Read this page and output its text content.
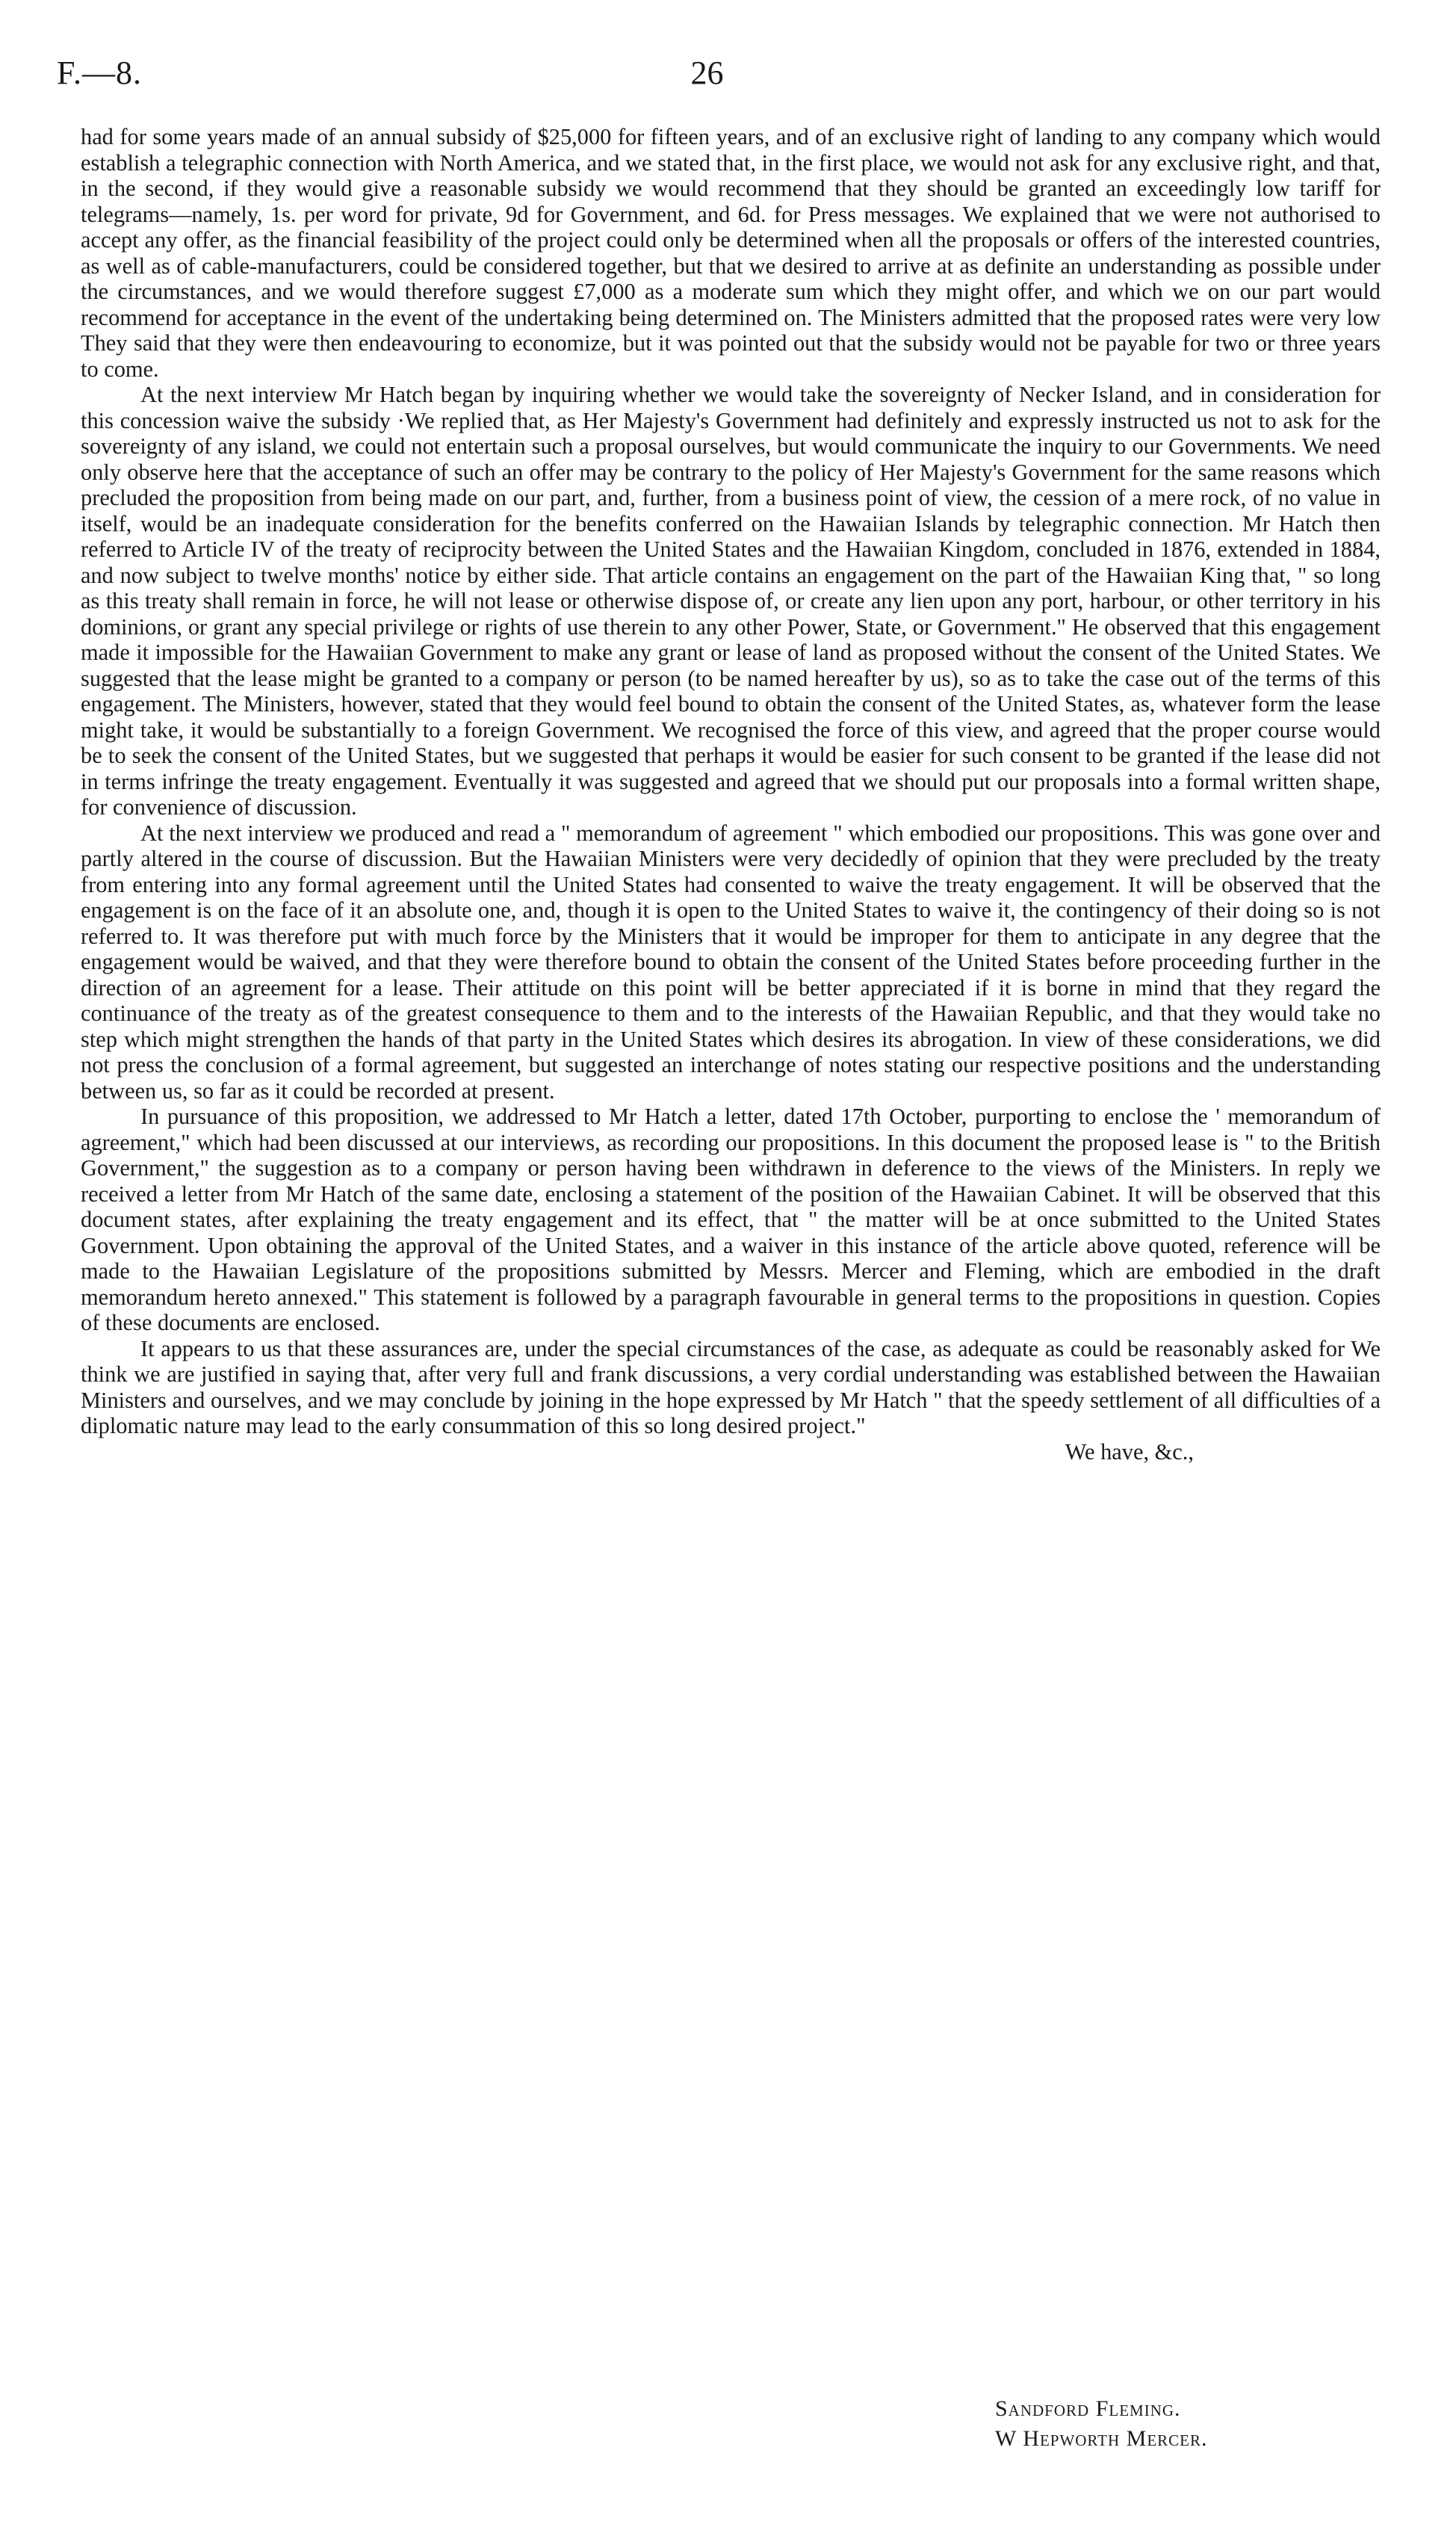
F.—8.	26

had for some years made of an annual subsidy of $25,000 for fifteen years, and of an exclusive right of landing to any company which would establish a telegraphic connection with North America, and we stated that, in the first place, we would not ask for any exclusive right, and that, in the second, if they would give a reasonable subsidy we would recommend that they should be granted an exceedingly low tariff for telegrams—namely, 1s. per word for private, 9d for Government, and 6d. for Press messages. We explained that we were not authorised to accept any offer, as the financial feasibility of the project could only be determined when all the proposals or offers of the interested countries, as well as of cable-manufacturers, could be considered together, but that we desired to arrive at as definite an understanding as possible under the circumstances, and we would therefore suggest £7,000 as a moderate sum which they might offer, and which we on our part would recommend for acceptance in the event of the undertaking being determined on. The Ministers admitted that the proposed rates were very low They said that they were then endeavouring to economize, but it was pointed out that the subsidy would not be payable for two or three years to come.

At the next interview Mr Hatch began by inquiring whether we would take the sovereignty of Necker Island, and in consideration for this concession waive the subsidy ·We replied that, as Her Majesty's Government had definitely and expressly instructed us not to ask for the sovereignty of any island, we could not entertain such a proposal ourselves, but would communicate the inquiry to our Governments. We need only observe here that the acceptance of such an offer may be contrary to the policy of Her Majesty's Government for the same reasons which precluded the proposition from being made on our part, and, further, from a business point of view, the cession of a mere rock, of no value in itself, would be an inadequate consideration for the benefits conferred on the Hawaiian Islands by telegraphic connection. Mr Hatch then referred to Article IV of the treaty of reciprocity between the United States and the Hawaiian Kingdom, concluded in 1876, extended in 1884, and now subject to twelve months' notice by either side. That article contains an engagement on the part of the Hawaiian King that, " so long as this treaty shall remain in force, he will not lease or otherwise dispose of, or create any lien upon any port, harbour, or other territory in his dominions, or grant any special privilege or rights of use therein to any other Power, State, or Government." He observed that this engagement made it impossible for the Hawaiian Government to make any grant or lease of land as proposed without the consent of the United States. We suggested that the lease might be granted to a company or person (to be named hereafter by us), so as to take the case out of the terms of this engagement. The Ministers, however, stated that they would feel bound to obtain the consent of the United States, as, whatever form the lease might take, it would be substantially to a foreign Government. We recognised the force of this view, and agreed that the proper course would be to seek the consent of the United States, but we suggested that perhaps it would be easier for such consent to be granted if the lease did not in terms infringe the treaty engagement. Eventually it was suggested and agreed that we should put our proposals into a formal written shape, for convenience of discussion.

At the next interview we produced and read a " memorandum of agreement " which embodied our propositions. This was gone over and partly altered in the course of discussion. But the Hawaiian Ministers were very decidedly of opinion that they were precluded by the treaty from entering into any formal agreement until the United States had consented to waive the treaty engagement. It will be observed that the engagement is on the face of it an absolute one, and, though it is open to the United States to waive it, the contingency of their doing so is not referred to. It was therefore put with much force by the Ministers that it would be improper for them to anticipate in any degree that the engagement would be waived, and that they were therefore bound to obtain the consent of the United States before proceeding further in the direction of an agreement for a lease. Their attitude on this point will be better appreciated if it is borne in mind that they regard the continuance of the treaty as of the greatest consequence to them and to the interests of the Hawaiian Republic, and that they would take no step which might strengthen the hands of that party in the United States which desires its abrogation. In view of these considerations, we did not press the conclusion of a formal agreement, but suggested an interchange of notes stating our respective positions and the understanding between us, so far as it could be recorded at present.

In pursuance of this proposition, we addressed to Mr Hatch a letter, dated 17th October, purporting to enclose the ' memorandum of agreement," which had been discussed at our interviews, as recording our propositions. In this document the proposed lease is " to the British Government," the suggestion as to a company or person having been withdrawn in deference to the views of the Ministers. In reply we received a letter from Mr Hatch of the same date, enclosing a statement of the position of the Hawaiian Cabinet. It will be observed that this document states, after explaining the treaty engagement and its effect, that " the matter will be at once submitted to the United States Government. Upon obtaining the approval of the United States, and a waiver in this instance of the article above quoted, reference will be made to the Hawaiian Legislature of the propositions submitted by Messrs. Mercer and Fleming, which are embodied in the draft memorandum hereto annexed." This statement is followed by a paragraph favourable in general terms to the propositions in question. Copies of these documents are enclosed.

It appears to us that these assurances are, under the special circumstances of the case, as adequate as could be reasonably asked for We think we are justified in saying that, after very full and frank discussions, a very cordial understanding was established between the Hawaiian Ministers and ourselves, and we may conclude by joining in the hope expressed by Mr Hatch " that the speedy settlement of all difficulties of a diplomatic nature may lead to the early consummation of this so long desired project."

We have, &c.,
Sandford Fleming.
W Hepworth Mercer.
